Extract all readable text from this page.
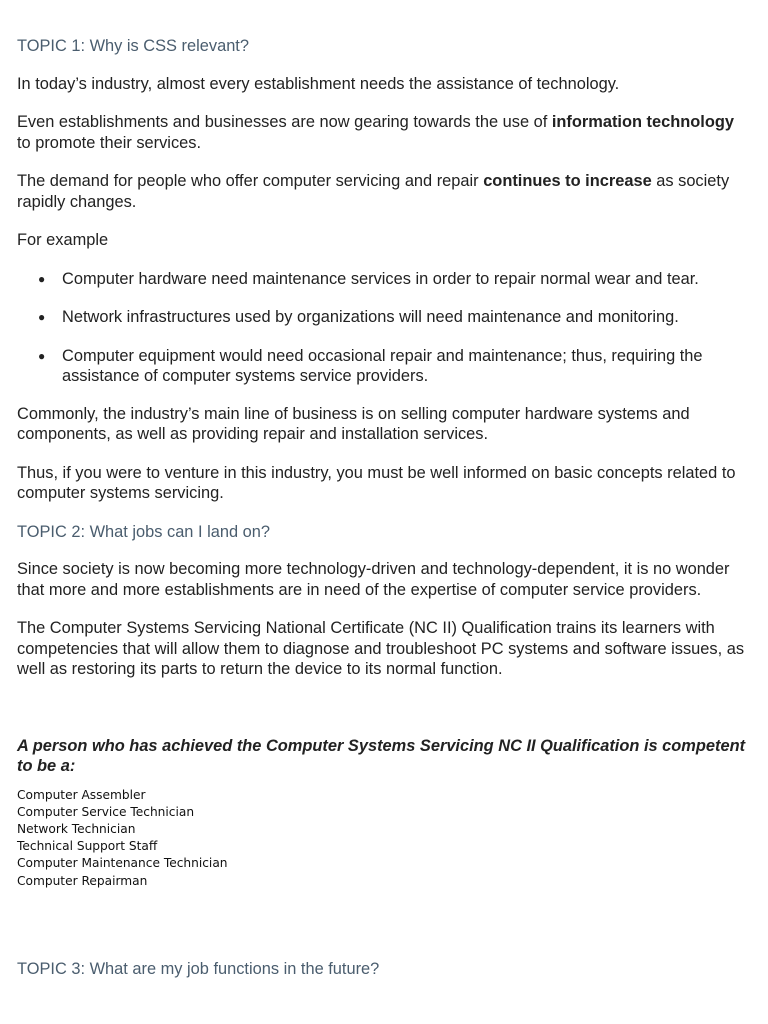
TOPIC 1: Why is CSS relevant?

In today’s industry, almost every establishment needs the assistance of technology.

Even establishments and businesses are now gearing towards the use of information technology to promote their services.

The demand for people who offer computer servicing and repair continues to increase as society rapidly changes.

For example

● Computer hardware need maintenance services in order to repair normal wear and tear.
● Network infrastructures used by organizations will need maintenance and monitoring.
● Computer equipment would need occasional repair and maintenance; thus, requiring the assistance of computer systems service providers.

Commonly, the industry’s main line of business is on selling computer hardware systems and components, as well as providing repair and installation services.

Thus, if you were to venture in this industry, you must be well informed on basic concepts related to computer systems servicing.

TOPIC 2: What jobs can I land on?

Since society is now becoming more technology-driven and technology-dependent, it is no wonder that more and more establishments are in need of the expertise of computer service providers.

The Computer Systems Servicing National Certificate (NC II) Qualification trains its learners with competencies that will allow them to diagnose and troubleshoot PC systems and software issues, as well as restoring its parts to return the device to its normal function.

A person who has achieved the Computer Systems Servicing NC II Qualification is competent to be a:

Computer Assembler
Computer Service Technician
Network Technician
Technical Support Staff
Computer Maintenance Technician
Computer Repairman
TOPIC 3: What are my job functions in the future?
